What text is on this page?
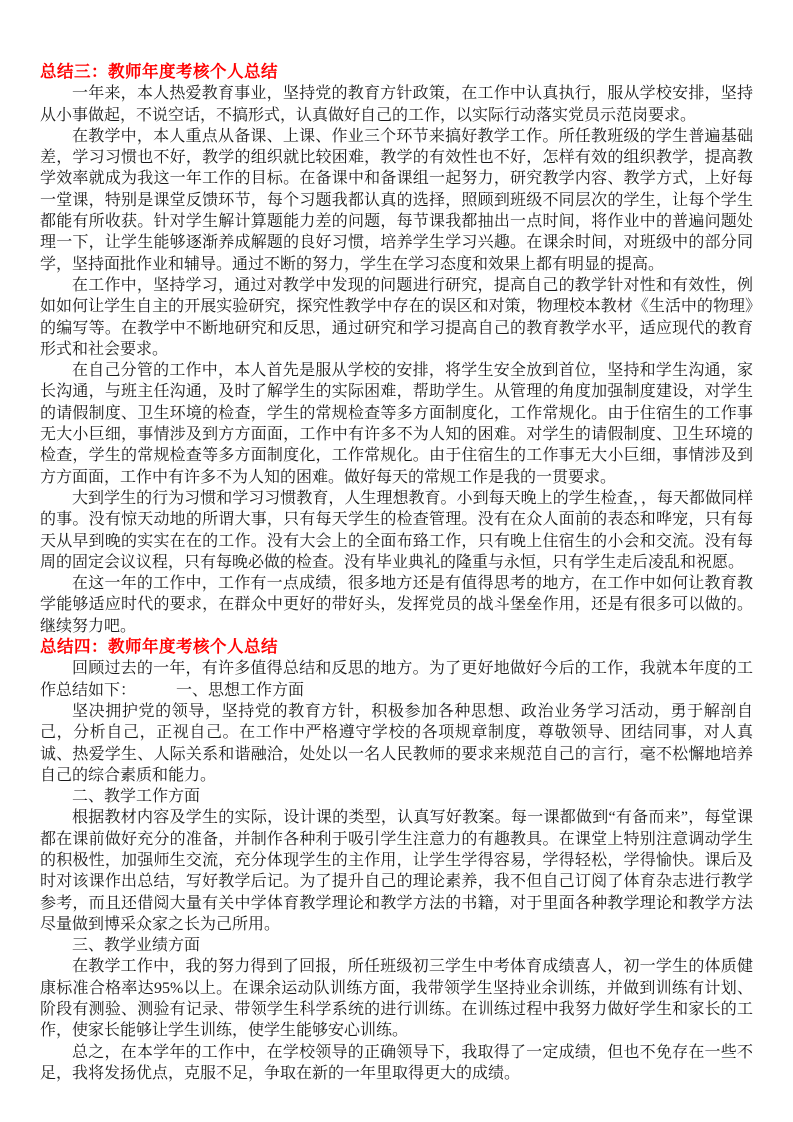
总结三：教师年度考核个人总结

一年来，本人热爱教育事业，坚持党的教育方针政策，在工作中认真执行，服从学校安排，坚持从小事做起，不说空话，不搞形式，认真做好自己的工作，以实际行动落实党员示范岗要求。

在教学中，本人重点从备课、上课、作业三个环节来搞好教学工作。所任教班级的学生普遍基础差，学习习惯也不好，教学的组织就比较困难，教学的有效性也不好，怎样有效的组织教学，提高教学效率就成为我这一年工作的目标。在备课中和备课组一起努力，研究教学内容、教学方式，上好每一堂课，特别是课堂反馈环节，每个习题我都认真的选择，照顾到班级不同层次的学生，让每个学生都能有所收获。针对学生解计算题能力差的问题，每节课我都抽出一点时间，将作业中的普遍问题处理一下，让学生能够逐渐养成解题的良好习惯，培养学生学习兴趣。在课余时间，对班级中的部分同学，坚持面批作业和辅导。通过不断的努力，学生在学习态度和效果上都有明显的提高。

在工作中，坚持学习，通过对教学中发现的问题进行研究，提高自己的教学针对性和有效性，例如如何让学生自主的开展实验研究，探究性教学中存在的误区和对策，物理校本教材《生活中的物理》的编写等。在教学中不断地研究和反思，通过研究和学习提高自己的教育教学水平，适应现代的教育形式和社会要求。

在自己分管的工作中，本人首先是服从学校的安排，将学生安全放到首位，坚持和学生沟通，家长沟通，与班主任沟通，及时了解学生的实际困难，帮助学生。从管理的角度加强制度建设，对学生的请假制度、卫生环境的检查，学生的常规检查等多方面制度化，工作常规化。由于住宿生的工作事无大小巨细，事情涉及到方方面面，工作中有许多不为人知的困难。对学生的请假制度、卫生环境的检查，学生的常规检查等多方面制度化，工作常规化。由于住宿生的工作事无大小巨细，事情涉及到方方面面，工作中有许多不为人知的困难。做好每天的常规工作是我的一贯要求。

大到学生的行为习惯和学习习惯教育，人生理想教育。小到每天晚上的学生检查，，每天都做同样的事。没有惊天动地的所谓大事，只有每天学生的检查管理。没有在众人面前的表态和哗宠，只有每天从早到晚的实实在在的工作。没有大会上的全面布臵工作，只有晚上住宿生的小会和交流。没有每周的固定会议议程，只有每晚必做的检查。没有毕业典礼的隆重与永恒，只有学生走后凌乱和祝愿。

在这一年的工作中，工作有一点成绩，很多地方还是有值得思考的地方，在工作中如何让教育教学能够适应时代的要求，在群众中更好的带好头，发挥党员的战斗堡垒作用，还是有很多可以做的。继续努力吧。

总结四：教师年度考核个人总结

回顾过去的一年，有许多值得总结和反思的地方。为了更好地做好今后的工作，我就本年度的工作总结如下：　　　一、思想工作方面

坚决拥护党的领导，坚持党的教育方针，积极参加各种思想、政治业务学习活动，勇于解剖自己，分析自己，正视自己。在工作中严格遵守学校的各项规章制度，尊敬领导、团结同事，对人真诚、热爱学生、人际关系和谐融洽，处处以一名人民教师的要求来规范自己的言行，毫不松懈地培养自己的综合素质和能力。

二、教学工作方面

根据教材内容及学生的实际，设计课的类型，认真写好教案。每一课都做到“有备而来”，每堂课都在课前做好充分的准备，并制作各种利于吸引学生注意力的有趣教具。在课堂上特别注意调动学生的积极性，加强师生交流，充分体现学生的主作用，让学生学得容易，学得轻松，学得愉快。课后及时对该课作出总结，写好教学后记。为了提升自己的理论素养，我不但自己订阅了体育杂志进行教学参考，而且还借阅大量有关中学体育教学理论和教学方法的书籍，对于里面各种教学理论和教学方法尽量做到博采众家之长为己所用。

三、教学业绩方面

在教学工作中，我的努力得到了回报，所任班级初三学生中考体育成绩喜人，初一学生的体质健康标准合格率达95%以上。在课余运动队训练方面，我带领学生坚持业余训练，并做到训练有计划、阶段有测验、测验有记录、带领学生科学系统的进行训练。在训练过程中我努力做好学生和家长的工作，使家长能够让学生训练，使学生能够安心训练。

总之，在本学年的工作中，在学校领导的正确领导下，我取得了一定成绩，但也不免存在一些不足，我将发扬优点，克服不足，争取在新的一年里取得更大的成绩。
